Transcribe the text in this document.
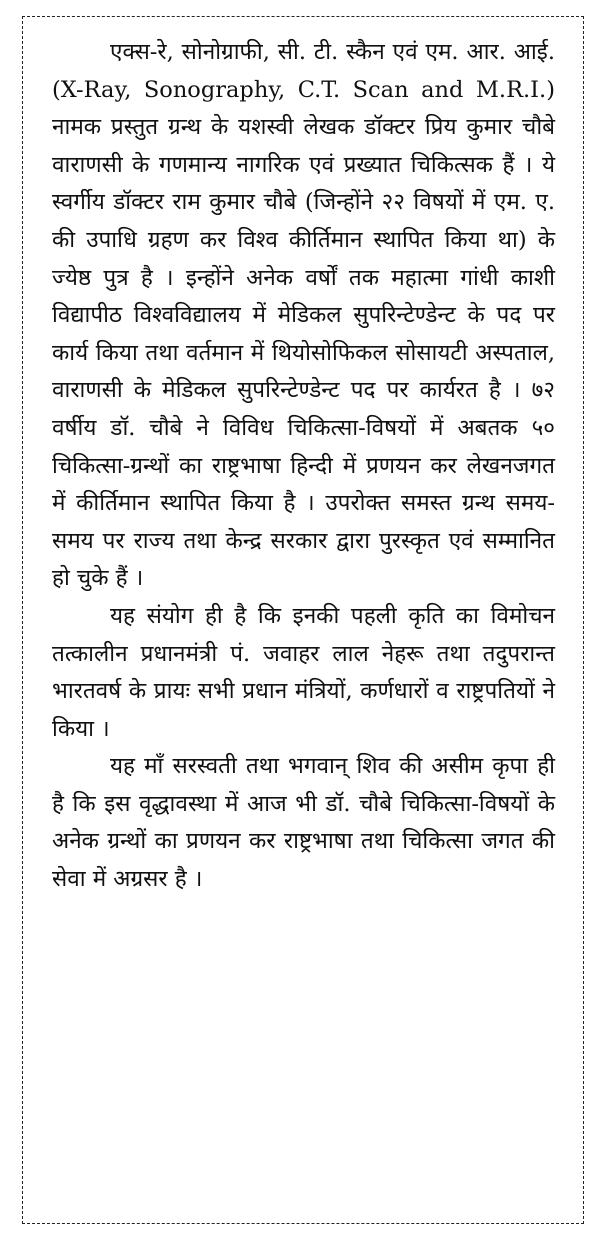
एक्स-रे, सोनोग्राफी, सी. टी. स्कैन एवं एम. आर. आई. (X-Ray, Sonography, C.T. Scan and M.R.I.) नामक प्रस्तुत ग्रन्थ के यशस्वी लेखक डॉक्टर प्रिय कुमार चौबे वाराणसी के गणमान्य नागरिक एवं प्रख्यात चिकित्सक हैं । ये स्वर्गीय डॉक्टर राम कुमार चौबे (जिन्होंने २२ विषयों में एम. ए. की उपाधि ग्रहण कर विश्व कीर्तिमान स्थापित किया था) के ज्येष्ठ पुत्र है । इन्होंने अनेक वर्षों तक महात्मा गांधी काशी विद्यापीठ विश्वविद्यालय में मेडिकल सुपरिन्टेण्डेन्ट के पद पर कार्य किया तथा वर्तमान में थियोसोफिकल सोसायटी अस्पताल, वाराणसी के मेडिकल सुपरिन्टेण्डेन्ट पद पर कार्यरत है । ७२ वर्षीय डॉ. चौबे ने विविध चिकित्सा-विषयों में अबतक ५० चिकित्सा-ग्रन्थों का राष्ट्रभाषा हिन्दी में प्रणयन कर लेखनजगत में कीर्तिमान स्थापित किया है । उपरोक्त समस्त ग्रन्थ समय-समय पर राज्य तथा केन्द्र सरकार द्वारा पुरस्कृत एवं सम्मानित हो चुके हैं ।

यह संयोग ही है कि इनकी पहली कृति का विमोचन तत्कालीन प्रधानमंत्री पं. जवाहर लाल नेहरू तथा तदुपरान्त भारतवर्ष के प्रायः सभी प्रधान मंत्रियों, कर्णधारों व राष्ट्रपतियों ने किया ।

यह माँ सरस्वती तथा भगवान् शिव की असीम कृपा ही है कि इस वृद्धावस्था में आज भी डॉ. चौबे चिकित्सा-विषयों के अनेक ग्रन्थों का प्रणयन कर राष्ट्रभाषा तथा चिकित्सा जगत की सेवा में अग्रसर है ।
